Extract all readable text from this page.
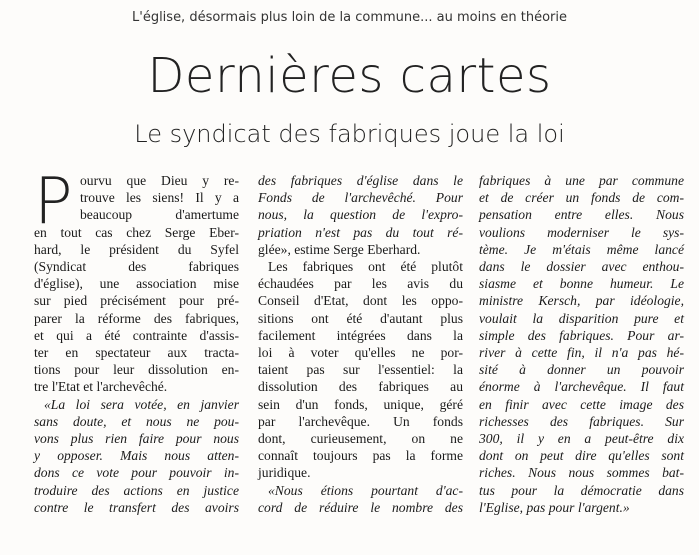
L'église, désormais plus loin de la commune... au moins en théorie
Dernières cartes
Le syndicat des fabriques joue la loi
P ourvu que Dieu y re-
trouve les siens! Il y a
beaucoup d'amertume
en tout cas chez Serge Eber-
hard, le président du Syfel
(Syndicat des fabriques
d'église), une association mise
sur pied précisément pour pré-
parer la réforme des fabriques,
et qui a été contrainte d'assis-
ter en spectateur aux tracta-
tions pour leur dissolution en-
tre l'Etat et l'archevêché.
«La loi sera votée, en janvier
sans doute, et nous ne pou-
vons plus rien faire pour nous
y opposer. Mais nous atten-
dons ce vote pour pouvoir in-
troduire des actions en justice
contre le transfert des avoirs
des fabriques d'église dans le
Fonds de l'archevêché. Pour
nous, la question de l'expro-
priation n'est pas du tout ré-
glée», estime Serge Eberhard.
Les fabriques ont été plutôt
échaudées par les avis du
Conseil d'Etat, dont les oppo-
sitions ont été d'autant plus
facilement intégrées dans la
loi à voter qu'elles ne por-
taient pas sur l'essentiel: la
dissolution des fabriques au
sein d'un fonds, unique, géré
par l'archevêque. Un fonds
dont, curieusement, on ne
connaît toujours pas la forme
juridique.
«Nous étions pourtant d'ac-
cord de réduire le nombre des
fabriques à une par commune
et de créer un fonds de com-
pensation entre elles. Nous
voulions moderniser le sys-
tème. Je m'étais même lancé
dans le dossier avec enthou-
siasme et bonne humeur. Le
ministre Kersch, par idéologie,
voulait la disparition pure et
simple des fabriques. Pour ar-
river à cette fin, il n'a pas hé-
sité à donner un pouvoir
énorme à l'archevêque. Il faut
en finir avec cette image des
richesses des fabriques. Sur
300, il y en a peut-être dix
dont on peut dire qu'elles sont
riches. Nous nous sommes bat-
tus pour la démocratie dans
l'Eglise, pas pour l'argent.»
